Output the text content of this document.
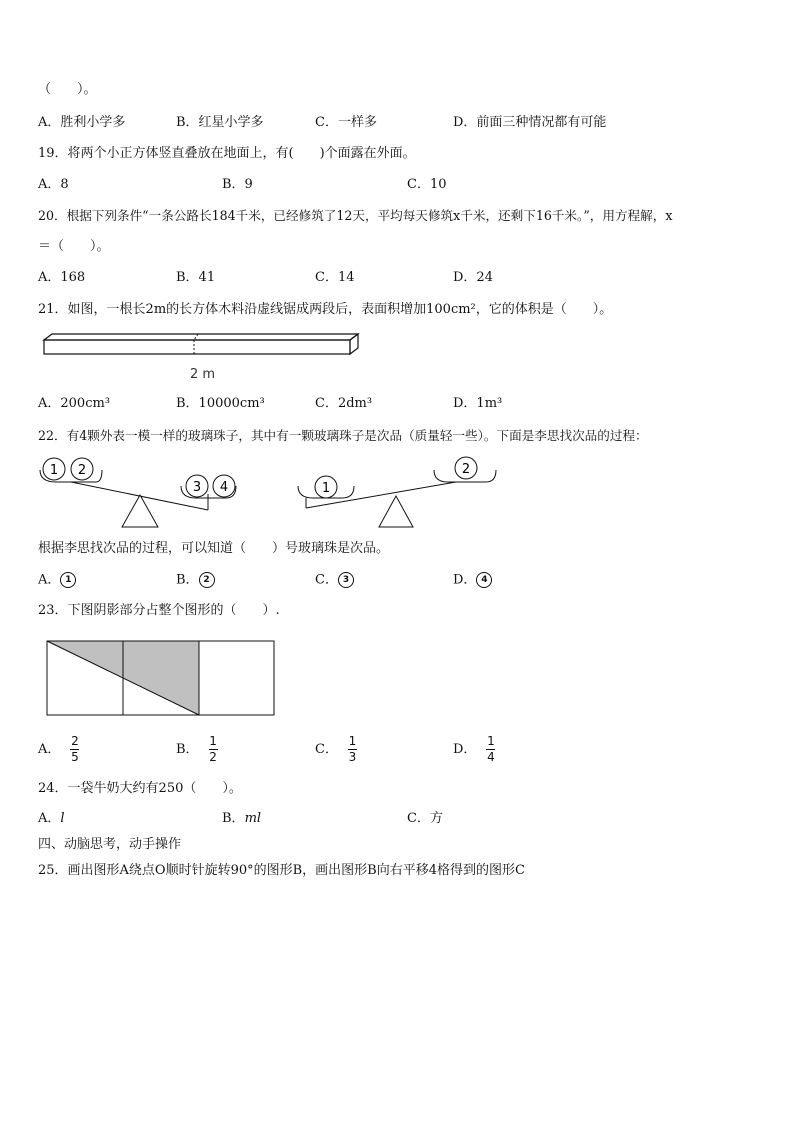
（　　）。
A．胜利小学多	B．红星小学多	C．一样多	D．前面三种情况都有可能
19．将两个小正方体竖直叠放在地面上，有(　　)个面露在外面。
A．8	B．9	C．10
20．根据下列条件“一条公路长184千米，已经修筑了12天，平均每天修筑x千米，还剩下16千米。”，用方程解，x
＝（　　）。
A．168	B．41	C．14	D．24
21．如图，一根长2m的长方体木料沿虚线锯成两段后，表面积增加100cm²，它的体积是（　　）。
2 m
A．200cm³	B．10000cm³	C．2dm³	D．1m³
22．有4颗外表一模一样的玻璃珠子，其中有一颗玻璃珠子是次品（质量轻一些）。下面是李思找次品的过程：
1 2
3 4	1
2
根据李思找次品的过程，可以知道（　　）号玻璃珠是次品。
A． 1	B． 2	C． 3	D． 4
23．下图阴影部分占整个图形的（　　）.
A． $\frac{2}{5}$	B． $\frac{1}{2}$	C． $\frac{1}{3}$	D． $\frac{1}{4}$
24．一袋牛奶大约有250（　　）。
A．l	B．ml	C．方
四、动脑思考，动手操作
25．画出图形A绕点O顺时针旋转90°的图形B，画出图形B向右平移4格得到的图形C
